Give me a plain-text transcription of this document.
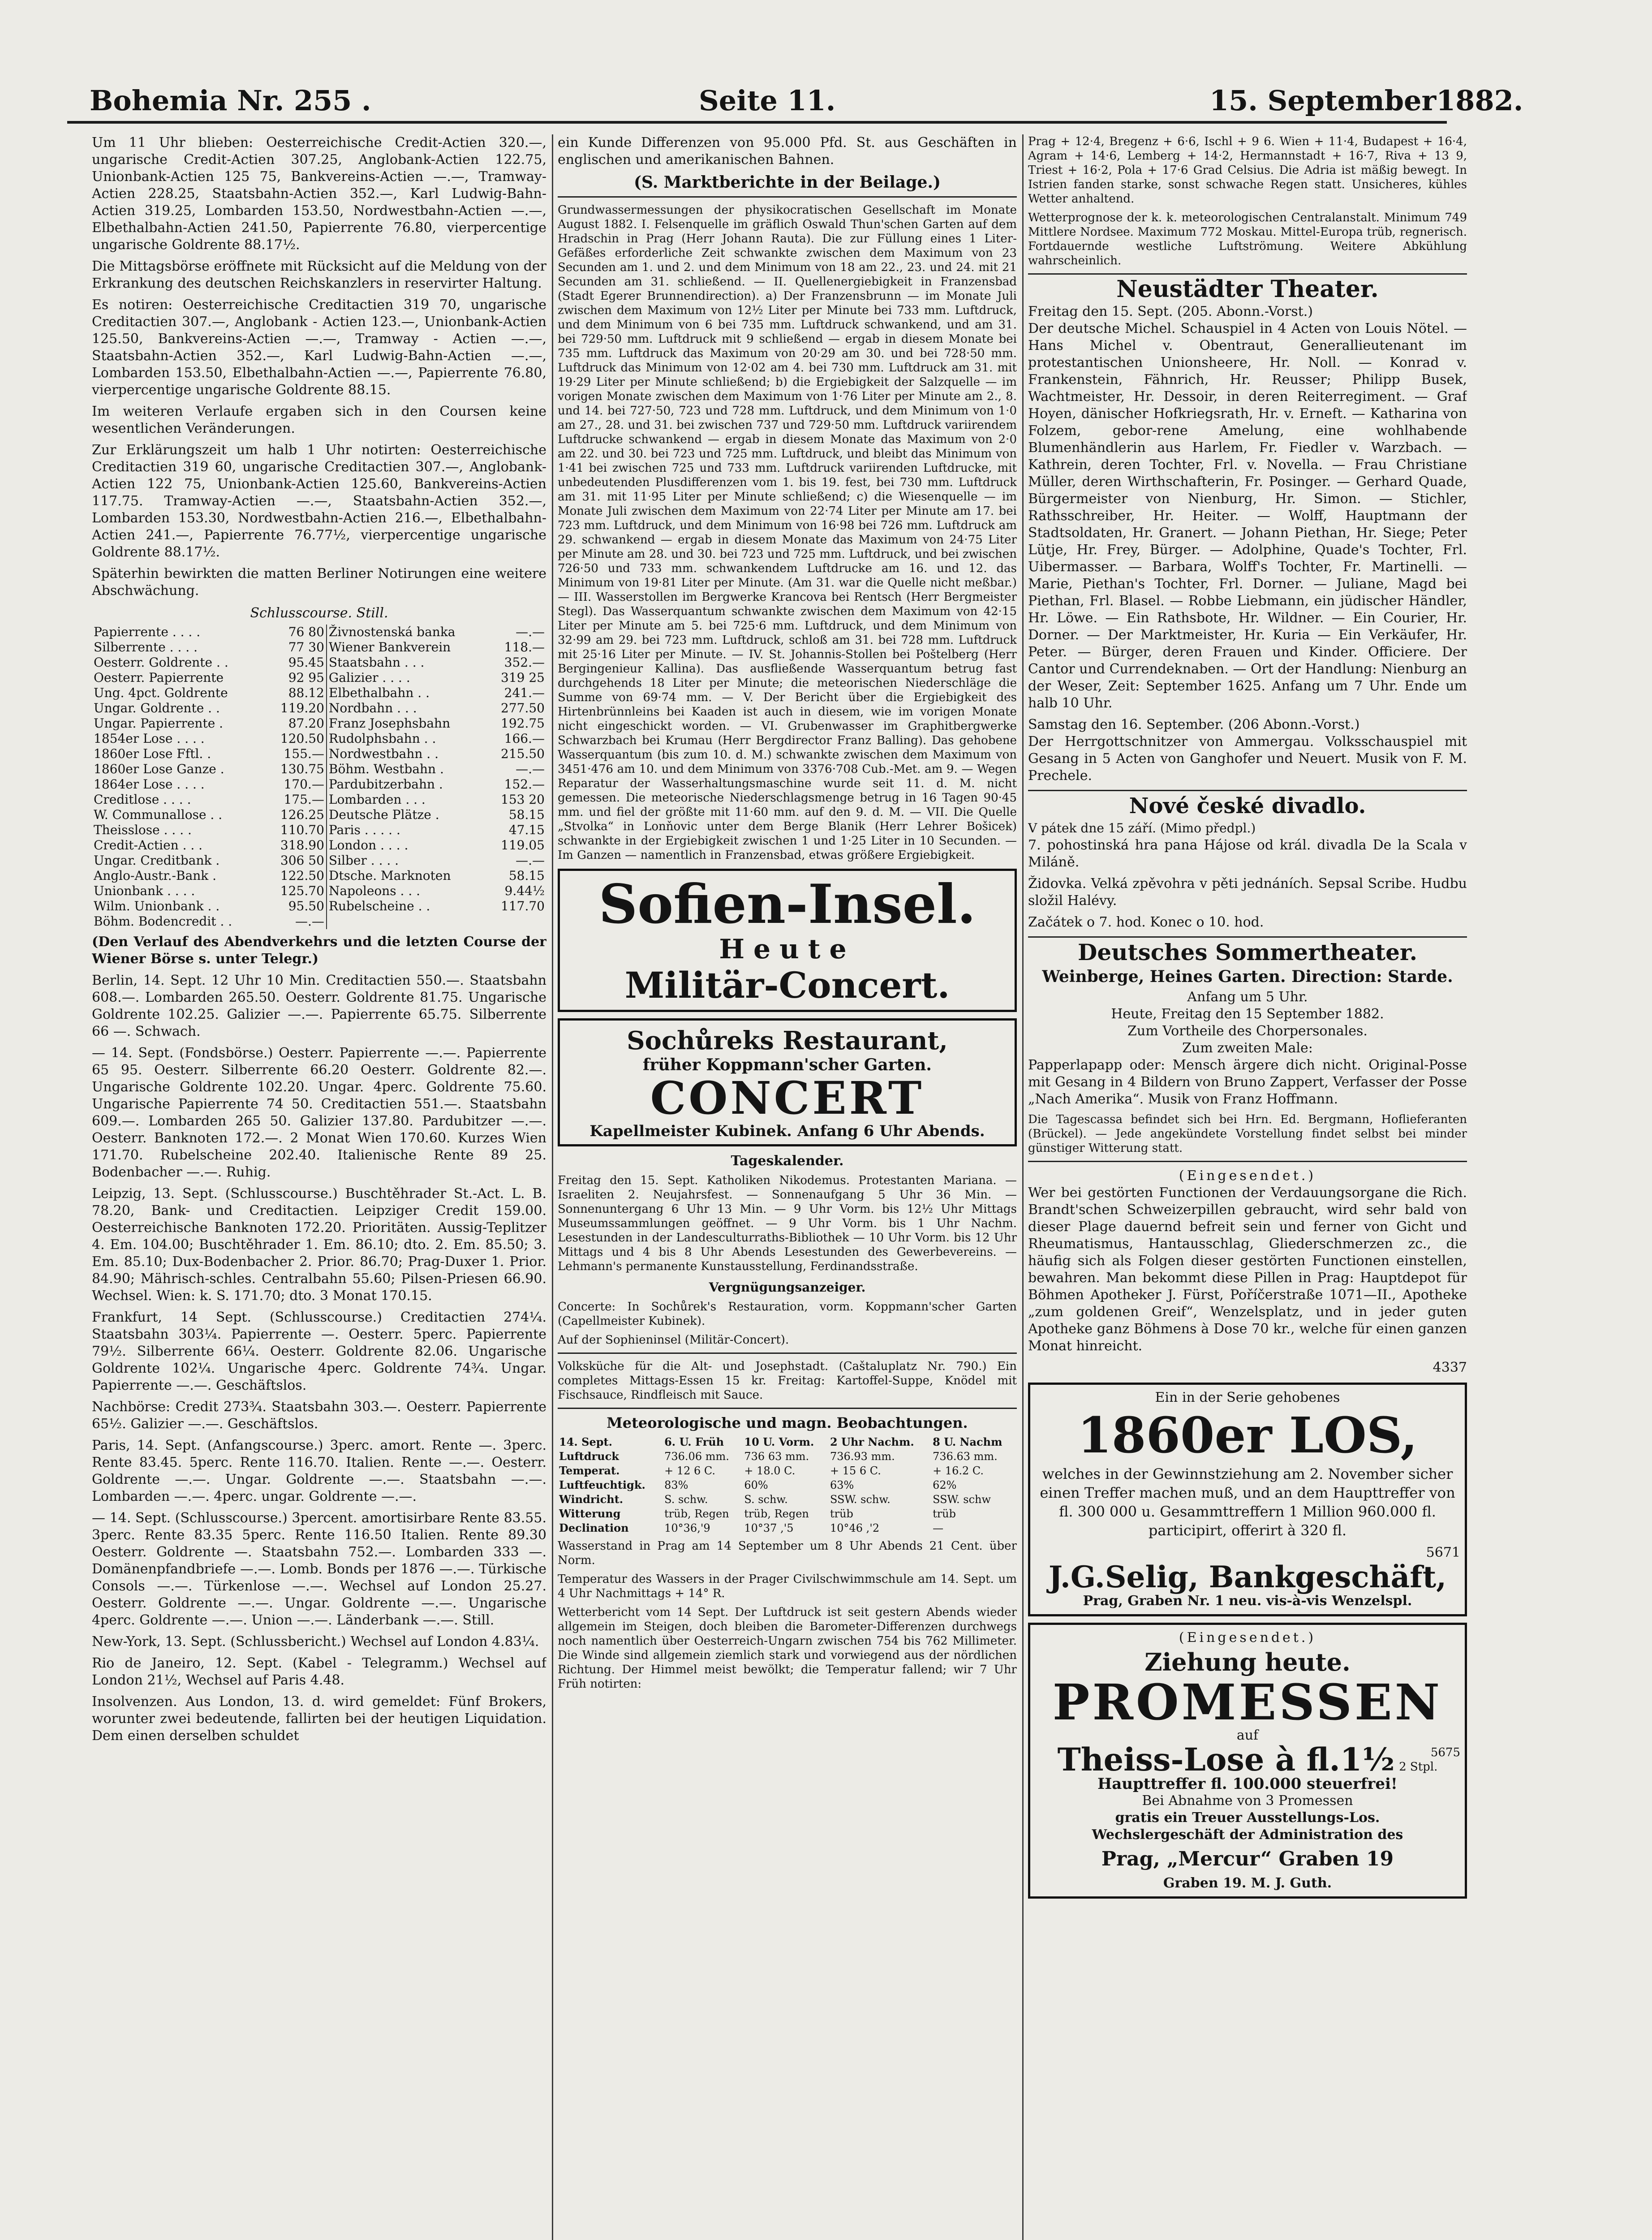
Bohemia Nr. 255 .	Seite 11.	15. September1882.

Um 11 Uhr blieben: Oesterreichische Credit-Actien 320.—, ungarische Credit-Actien 307.25, Anglobank-Actien 122.75, Unionbank-Actien 125 75, Bankvereins-Actien —.—, Tramway-Actien 228.25, Staatsbahn-Actien 352.—, Karl Ludwig-Bahn-Actien 319.25, Lombarden 153.50, Nordwestbahn-Actien —.—, Elbethalbahn-Actien 241.50, Papierrente 76.80, vierpercentige ungarische Goldrente 88.17½.

Die Mittagsbörse eröffnete mit Rücksicht auf die Meldung von der Erkrankung des deutschen Reichskanzlers in reservirter Haltung.

Es notiren: Oesterreichische Creditactien 319 70, ungarische Creditactien 307.—, Anglobank - Actien 123.—, Unionbank-Actien 125.50, Bankvereins-Actien —.—, Tramway - Actien —.—, Staatsbahn-Actien 352.—, Karl Ludwig-Bahn-Actien —.—, Lombarden 153.50, Elbethalbahn-Actien —.—, Papierrente 76.80, vierpercentige ungarische Goldrente 88.15.

Im weiteren Verlaufe ergaben sich in den Coursen keine wesentlichen Veränderungen.

Zur Erklärungszeit um halb 1 Uhr notirten: Oesterreichische Creditactien 319 60, ungarische Creditactien 307.—, Anglobank-Actien 122 75, Unionbank-Actien 125.60, Bankvereins-Actien 117.75. Tramway-Actien —.—, Staatsbahn-Actien 352.—, Lombarden 153.30, Nordwestbahn-Actien 216.—, Elbethalbahn-Actien 241.—, Papierrente 76.77½, vierpercentige ungarische Goldrente 88.17½.

Späterhin bewirkten die matten Berliner Notirungen eine weitere Abschwächung.

Schlusscourse. Still.
Papierrente . . . .	76 80	Živnostenská banka	—.—
Silberrente . . . .	77 30	Wiener Bankverein	118.—
Oesterr. Goldrente . .	95.45	Staatsbahn . . .	352.—
Oesterr. Papierrente	92 95	Galizier . . . .	319 25
Ung. 4pct. Goldrente	88.12	Elbethalbahn . .	241.—
Ungar. Goldrente . .	119.20	Nordbahn . . .	277.50
Ungar. Papierrente .	87.20	Franz Josephsbahn	192.75
1854er Lose . . . .	120.50	Rudolphsbahn . .	166.—
1860er Lose Fftl. .	155.—	Nordwestbahn . .	215.50
1860er Lose Ganze .	130.75	Böhm. Westbahn .	—.—
1864er Lose . . . .	170.—	Pardubitzerbahn .	152.—
Creditlose . . . .	175.—	Lombarden . . .	153 20
W. Communallose . .	126.25	Deutsche Plätze .	58.15
Theisslose . . . .	110.70	Paris . . . . .	47.15
Credit-Actien . . .	318.90	London . . . .	119.05
Ungar. Creditbank .	306 50	Silber . . . .	—.—
Anglo-Austr.-Bank .	122.50	Dtsche. Marknoten	58.15
Unionbank . . . .	125.70	Napoleons . . .	9.44½
Wilm. Unionbank . .	95.50	Rubelscheine . .	117.70
Böhm. Bodencredit . .	—.—		

(Den Verlauf des Abendverkehrs und die letzten Course der Wiener Börse s. unter Telegr.)

Berlin, 14. Sept. 12 Uhr 10 Min. Creditactien 550.—. Staatsbahn 608.—. Lombarden 265.50. Oesterr. Goldrente 81.75. Ungarische Goldrente 102.25. Galizier —.—. Papierrente 65.75. Silberrente 66 —. Schwach.

— 14. Sept. (Fondsbörse.) Oesterr. Papierrente —.—. Papierrente 65 95. Oesterr. Silberrente 66.20 Oesterr. Goldrente 82.—. Ungarische Goldrente 102.20. Ungar. 4perc. Goldrente 75.60. Ungarische Papierrente 74 50. Creditactien 551.—. Staatsbahn 609.—. Lombarden 265 50. Galizier 137.80. Pardubitzer —.—. Oesterr. Banknoten 172.—. 2 Monat Wien 170.60. Kurzes Wien 171.70. Rubelscheine 202.40. Italienische Rente 89 25. Bodenbacher —.—. Ruhig.

Leipzig, 13. Sept. (Schlusscourse.) Buschtěhrader St.-Act. L. B. 78.20, Bank- und Creditactien. Leipziger Credit 159.00. Oesterreichische Banknoten 172.20. Prioritäten. Aussig-Teplitzer 4. Em. 104.00; Buschtěhrader 1. Em. 86.10; dto. 2. Em. 85.50; 3. Em. 85.10; Dux-Bodenbacher 2. Prior. 86.70; Prag-Duxer 1. Prior. 84.90; Mährisch-schles. Centralbahn 55.60; Pilsen-Priesen 66.90. Wechsel. Wien: k. S. 171.70; dto. 3 Monat 170.15.

Frankfurt, 14 Sept. (Schlusscourse.) Creditactien 274¼. Staatsbahn 303¼. Papierrente —. Oesterr. 5perc. Papierrente 79½. Silberrente 66¼. Oesterr. Goldrente 82.06. Ungarische Goldrente 102¼. Ungarische 4perc. Goldrente 74¾. Ungar. Papierrente —.—. Geschäftslos.

Nachbörse: Credit 273¾. Staatsbahn 303.—. Oesterr. Papierrente 65½. Galizier —.—. Geschäftslos.

Paris, 14. Sept. (Anfangscourse.) 3perc. amort. Rente —. 3perc. Rente 83.45. 5perc. Rente 116.70. Italien. Rente —.—. Oesterr. Goldrente —.—. Ungar. Goldrente —.—. Staatsbahn —.—. Lombarden —.—. 4perc. ungar. Goldrente —.—.

— 14. Sept. (Schlusscourse.) 3percent. amortisirbare Rente 83.55. 3perc. Rente 83.35 5perc. Rente 116.50 Italien. Rente 89.30 Oesterr. Goldrente —. Staatsbahn 752.—. Lombarden 333 —. Domänenpfandbriefe —.—. Lomb. Bonds per 1876 —.—. Türkische Consols —.—. Türkenlose —.—. Wechsel auf London 25.27. Oesterr. Goldrente —.—. Ungar. Goldrente —.—. Ungarische 4perc. Goldrente —.—. Union —.—. Länderbank —.—. Still.

New-York, 13. Sept. (Schlussbericht.) Wechsel auf London 4.83¼.

Rio de Janeiro, 12. Sept. (Kabel - Telegramm.) Wechsel auf London 21½, Wechsel auf Paris 4.48.

Insolvenzen. Aus London, 13. d. wird gemeldet: Fünf Brokers, worunter zwei bedeutende, fallirten bei der heutigen Liquidation. Dem einen derselben schuldet

ein Kunde Differenzen von 95.000 Pfd. St. aus Geschäften in englischen und amerikanischen Bahnen.

(S. Marktberichte in der Beilage.)

Grundwassermessungen der physikocratischen Gesellschaft im Monate August 1882. I. Felsenquelle im gräflich Oswald Thun'schen Garten auf dem Hradschin in Prag (Herr Johann Rauta). Die zur Füllung eines 1 Liter-Gefäßes erforderliche Zeit schwankte zwischen dem Maximum von 23 Secunden am 1. und 2. und dem Minimum von 18 am 22., 23. und 24. mit 21 Secunden am 31. schließend. — II. Quellenergiebigkeit in Franzensbad (Stadt Egerer Brunnendirection). a) Der Franzensbrunn — im Monate Juli zwischen dem Maximum von 12½ Liter per Minute bei 733 mm. Luftdruck, und dem Minimum von 6 bei 735 mm. Luftdruck schwankend, und am 31. bei 729·50 mm. Luftdruck mit 9 schließend — ergab in diesem Monate bei 735 mm. Luftdruck das Maximum von 20·29 am 30. und bei 728·50 mm. Luftdruck das Minimum von 12·02 am 4. bei 730 mm. Luftdruck am 31. mit 19·29 Liter per Minute schließend; b) die Ergiebigkeit der Salzquelle — im vorigen Monate zwischen dem Maximum von 1·76 Liter per Minute am 2., 8. und 14. bei 727·50, 723 und 728 mm. Luftdruck, und dem Minimum von 1·0 am 27., 28. und 31. bei zwischen 737 und 729·50 mm. Luftdruck variirendem Luftdrucke schwankend — ergab in diesem Monate das Maximum von 2·0 am 22. und 30. bei 723 und 725 mm. Luftdruck, und bleibt das Minimum von 1·41 bei zwischen 725 und 733 mm. Luftdruck variirenden Luftdrucke, mit unbedeutenden Plusdifferenzen vom 1. bis 19. fest, bei 730 mm. Luftdruck am 31. mit 11·95 Liter per Minute schließend; c) die Wiesenquelle — im Monate Juli zwischen dem Maximum von 22·74 Liter per Minute am 17. bei 723 mm. Luftdruck, und dem Minimum von 16·98 bei 726 mm. Luftdruck am 29. schwankend — ergab in diesem Monate das Maximum von 24·75 Liter per Minute am 28. und 30. bei 723 und 725 mm. Luftdruck, und bei zwischen 726·50 und 733 mm. schwankendem Luftdrucke am 16. und 12. das Minimum von 19·81 Liter per Minute. (Am 31. war die Quelle nicht meßbar.) — III. Wasserstollen im Bergwerke Krancova bei Rentsch (Herr Bergmeister Stegl). Das Wasserquantum schwankte zwischen dem Maximum von 42·15 Liter per Minute am 5. bei 725·6 mm. Luftdruck, und dem Minimum von 32·99 am 29. bei 723 mm. Luftdruck, schloß am 31. bei 728 mm. Luftdruck mit 25·16 Liter per Minute. — IV. St. Johannis-Stollen bei Poštelberg (Herr Bergingenieur Kallina). Das ausfließende Wasserquantum betrug fast durchgehends 18 Liter per Minute; die meteorischen Niederschläge die Summe von 69·74 mm. — V. Der Bericht über die Ergiebigkeit des Hirtenbrünnleins bei Kaaden ist auch in diesem, wie im vorigen Monate nicht eingeschickt worden. — VI. Grubenwasser im Graphitbergwerke Schwarzbach bei Krumau (Herr Bergdirector Franz Balling). Das gehobene Wasserquantum (bis zum 10. d. M.) schwankte zwischen dem Maximum von 3451·476 am 10. und dem Minimum von 3376·708 Cub.-Met. am 9. — Wegen Reparatur der Wasserhaltungsmaschine wurde seit 11. d. M. nicht gemessen. Die meteorische Niederschlagsmenge betrug in 16 Tagen 90·45 mm. und fiel der größte mit 11·60 mm. auf den 9. d. M. — VII. Die Quelle „Stvolka“ in Lonňovic unter dem Berge Blanik (Herr Lehrer Bošicek) schwankte in der Ergiebigkeit zwischen 1 und 1·25 Liter in 10 Secunden. — Im Ganzen — namentlich in Franzensbad, etwas größere Ergiebigkeit.

Sofien-Insel.
Heute
Militär-Concert.
Sochůreks Restaurant,
früher Koppmann'scher Garten.
CONCERT
Kapellmeister Kubinek. Anfang 6 Uhr Abends.
Tageskalender.

Freitag den 15. Sept. Katholiken Nikodemus. Protestanten Mariana. — Israeliten 2. Neujahrsfest. — Sonnenaufgang 5 Uhr 36 Min. — Sonnenuntergang 6 Uhr 13 Min. — 9 Uhr Vorm. bis 12½ Uhr Mittags Museumssammlungen geöffnet. — 9 Uhr Vorm. bis 1 Uhr Nachm. Lesestunden in der Landesculturraths-Bibliothek — 10 Uhr Vorm. bis 12 Uhr Mittags und 4 bis 8 Uhr Abends Lesestunden des Gewerbevereins. — Lehmann's permanente Kunstausstellung, Ferdinandsstraße.

Vergnügungsanzeiger.

Concerte: In Sochůrek's Restauration, vorm. Koppmann'scher Garten (Capellmeister Kubinek).

Auf der Sophieninsel (Militär-Concert).

Volksküche für die Alt- und Josephstadt. (Caštaluplatz Nr. 790.) Ein completes Mittags-Essen 15 kr. Freitag: Kartoffel-Suppe, Knödel mit Fischsauce, Rindfleisch mit Sauce.

Meteorologische und magn. Beobachtungen.
14. Sept.	6. U. Früh	10 U. Vorm.	2 Uhr Nachm.	8 U. Nachm
Luftdruck	736.06 mm.	736 63 mm.	736.93 mm.	736.63 mm.
Temperat.	+ 12 6 C.	+ 18.0 C.	+ 15 6 C.	+ 16.2 C.
Luftfeuchtigk.	83%	60%	63%	62%
Windricht.	S. schw.	S. schw.	SSW. schw.	SSW. schw
Witterung	trüb, Regen	trüb, Regen	trüb	trüb
Declination	10°36,'9	10°37 ,'5	10°46 ,'2	—

Wasserstand in Prag am 14 September um 8 Uhr Abends 21 Cent. über Norm.

Temperatur des Wassers in der Prager Civilschwimmschule am 14. Sept. um 4 Uhr Nachmittags + 14° R.

Wetterbericht vom 14 Sept. Der Luftdruck ist seit gestern Abends wieder allgemein im Steigen, doch bleiben die Barometer-Differenzen durchwegs noch namentlich über Oesterreich-Ungarn zwischen 754 bis 762 Millimeter. Die Winde sind allgemein ziemlich stark und vorwiegend aus der nördlichen Richtung. Der Himmel meist bewölkt; die Temperatur fallend; wir 7 Uhr Früh notirten:

Prag + 12·4, Bregenz + 6·6, Ischl + 9 6. Wien + 11·4, Budapest + 16·4, Agram + 14·6, Lemberg + 14·2, Hermannstadt + 16·7, Riva + 13 9, Triest + 16·2, Pola + 17·6 Grad Celsius. Die Adria ist mäßig bewegt. In Istrien fanden starke, sonst schwache Regen statt. Unsicheres, kühles Wetter anhaltend.

Wetterprognose der k. k. meteorologischen Centralanstalt. Minimum 749 Mittlere Nordsee. Maximum 772 Moskau. Mittel-Europa trüb, regnerisch. Fortdauernde westliche Luftströmung. Weitere Abkühlung wahrscheinlich.

Neustädter Theater.
Freitag den 15. Sept. (205. Abonn.-Vorst.)

Der deutsche Michel. Schauspiel in 4 Acten von Louis Nötel. — Hans Michel v. Obentraut, Generallieutenant im protestantischen Unionsheere, Hr. Noll. — Konrad v. Frankenstein, Fähnrich, Hr. Reusser; Philipp Busek, Wachtmeister, Hr. Dessoir, in deren Reiterregiment. — Graf Hoyen, dänischer Hofkriegsrath, Hr. v. Erneft. — Katharina von Folzem, gebor-rene Amelung, eine wohlhabende Blumenhändlerin aus Harlem, Fr. Fiedler v. Warzbach. — Kathrein, deren Tochter, Frl. v. Novella. — Frau Christiane Müller, deren Wirthschafterin, Fr. Posinger. — Gerhard Quade, Bürgermeister von Nienburg, Hr. Simon. — Stichler, Rathsschreiber, Hr. Heiter. — Wolff, Hauptmann der Stadtsoldaten, Hr. Granert. — Johann Piethan, Hr. Siege; Peter Lütje, Hr. Frey, Bürger. — Adolphine, Quade's Tochter, Frl. Uibermasser. — Barbara, Wolff's Tochter, Fr. Martinelli. — Marie, Piethan's Tochter, Frl. Dorner. — Juliane, Magd bei Piethan, Frl. Blasel. — Robbe Liebmann, ein jüdischer Händler, Hr. Löwe. — Ein Rathsbote, Hr. Wildner. — Ein Courier, Hr. Dorner. — Der Marktmeister, Hr. Kuria — Ein Verkäufer, Hr. Peter. — Bürger, deren Frauen und Kinder. Officiere. Der Cantor und Currendeknaben. — Ort der Handlung: Nienburg an der Weser, Zeit: September 1625. Anfang um 7 Uhr. Ende um halb 10 Uhr.

Samstag den 16. September. (206 Abonn.-Vorst.)

Der Herrgottschnitzer von Ammergau. Volksschauspiel mit Gesang in 5 Acten von Ganghofer und Neuert. Musik von F. M. Prechele.

Nové české divadlo.
V pátek dne 15 září. (Mimo předpl.)

7. pohostinská hra pana Hájose od král. divadla De la Scala v Miláně.

Židovka. Velká zpěvohra v pěti jednáních. Sepsal Scribe. Hudbu složil Halévy.

Začátek o 7. hod. Konec o 10. hod.

Deutsches Sommertheater.
Weinberge, Heines Garten. Direction: Starde.
Anfang um 5 Uhr.
Heute, Freitag den 15 September 1882.
Zum Vortheile des Chorpersonales.
Zum zweiten Male:

Papperlapapp oder: Mensch ärgere dich nicht. Original-Posse mit Gesang in 4 Bildern von Bruno Zappert, Verfasser der Posse „Nach Amerika“. Musik von Franz Hoffmann.

Die Tagescassa befindet sich bei Hrn. Ed. Bergmann, Hoflieferanten (Brückel). — Jede angekündete Vorstellung findet selbst bei minder günstiger Witterung statt.

(Eingesendet.)

Wer bei gestörten Functionen der Verdauungsorgane die Rich. Brandt'schen Schweizerpillen gebraucht, wird sehr bald von dieser Plage dauernd befreit sein und ferner von Gicht und Rheumatismus, Hantausschlag, Gliederschmerzen zc., die häufig sich als Folgen dieser gestörten Functionen einstellen, bewahren. Man bekommt diese Pillen in Prag: Hauptdepot für Böhmen Apotheker J. Fürst, Poříčerstraße 1071—II., Apotheke „zum goldenen Greif“, Wenzelsplatz, und in jeder guten Apotheke ganz Böhmens à Dose 70 kr., welche für einen ganzen Monat hinreicht.

4337
Ein in der Serie gehobenes
1860er LOS,

welches in der Gewinnstziehung am 2. November sicher einen Treffer machen muß, und an dem Haupttreffer von fl. 300 000 u. Gesammttreffern 1 Million 960.000 fl. participirt, offerirt à 320 fl.

5671
J.G.Selig, Bankgeschäft,
Prag, Graben Nr. 1 neu. vis-à-vis Wenzelspl.
(Eingesendet.)
Ziehung heute.
PROMESSEN
auf
Theiss-Lose à fl.1½ 2 Stpl.
5675
Haupttreffer fl. 100.000 steuerfrei!
Bei Abnahme von 3 Promessen
gratis ein Treuer Ausstellungs-Los.
Wechslergeschäft der Administration des
Prag, „Mercur“ Graben 19
Graben 19. M. J. Guth.
